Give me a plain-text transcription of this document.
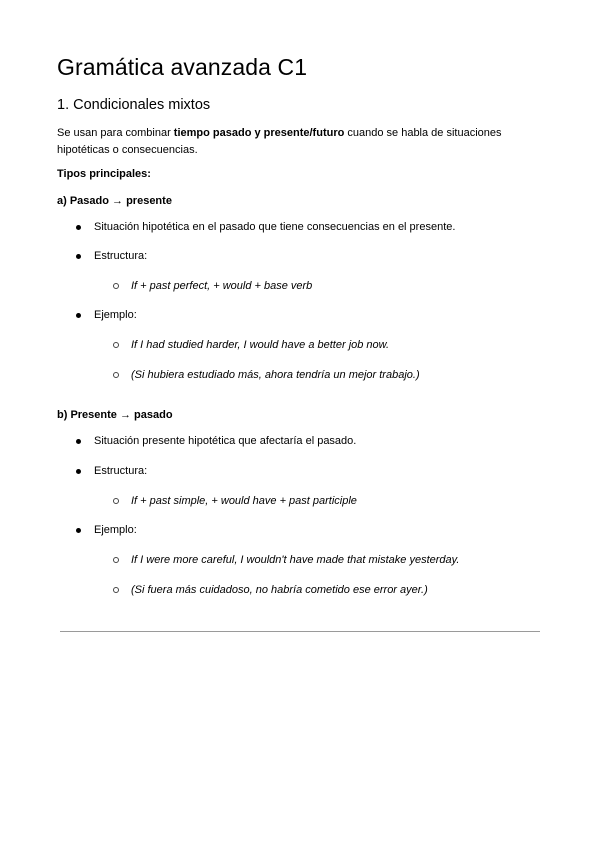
Gramática avanzada C1
1. Condicionales mixtos

Se usan para combinar tiempo pasado y presente/futuro cuando se habla de situaciones hipotéticas o consecuencias.

Tipos principales:

a) Pasado → presente

Situación hipotética en el pasado que tiene consecuencias en el presente.

Estructura:

If + past perfect, + would + base verb

Ejemplo:

If I had studied harder, I would have a better job now.

(Si hubiera estudiado más, ahora tendría un mejor trabajo.)

b) Presente → pasado

Situación presente hipotética que afectaría el pasado.

Estructura:

If + past simple, + would have + past participle

Ejemplo:

If I were more careful, I wouldn't have made that mistake yesterday.

(Si fuera más cuidadoso, no habría cometido ese error ayer.)
